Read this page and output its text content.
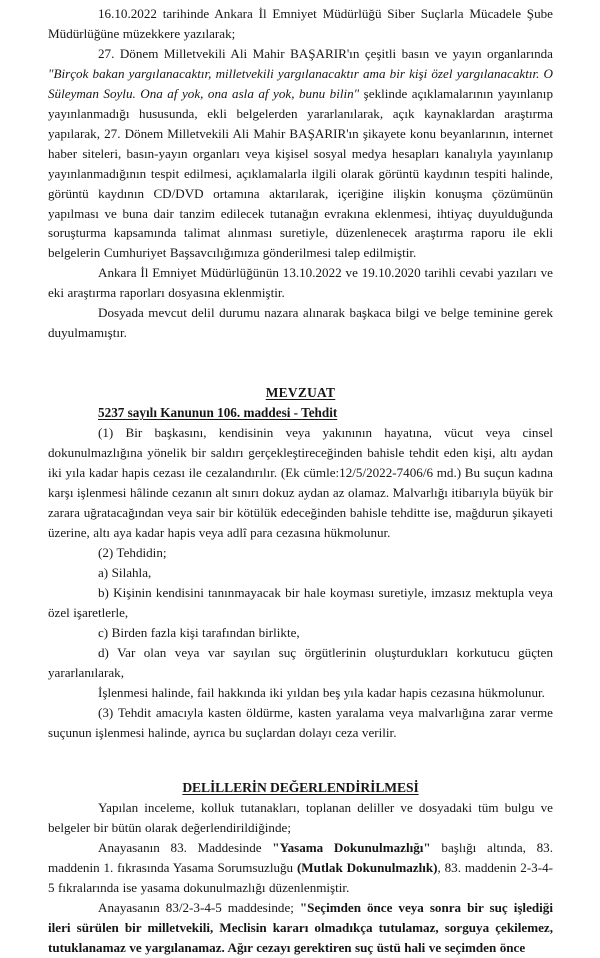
16.10.2022 tarihinde Ankara İl Emniyet Müdürlüğü Siber Suçlarla Mücadele Şube Müdürlüğüne müzekkere yazılarak;

27. Dönem Milletvekili Ali Mahir BAŞARIR'ın çeşitli basın ve yayın organlarında "Birçok bakan yargılanacaktır, milletvekili yargılanacaktır ama bir kişi özel yargılanacaktır. O Süleyman Soylu. Ona af yok, ona asla af yok, bunu bilin" şeklinde açıklamalarının yayınlanıp yayınlanmadığı hususunda, ekli belgelerden yararlanılarak, açık kaynaklardan araştırma yapılarak, 27. Dönem Milletvekili Ali Mahir BAŞARIR'ın şikayete konu beyanlarının, internet haber siteleri, basın-yayın organları veya kişisel sosyal medya hesapları kanalıyla yayınlanıp yayınlanmadığının tespit edilmesi, açıklamalarla ilgili olarak görüntü kaydının tespiti halinde, görüntü kaydının CD/DVD ortamına aktarılarak, içeriğine ilişkin konuşma çözümünün yapılması ve buna dair tanzim edilecek tutanağın evrakına eklenmesi, ihtiyaç duyulduğunda soruşturma kapsamında talimat alınması suretiyle, düzenlenecek araştırma raporu ile ekli belgelerin Cumhuriyet Başsavcılığımıza gönderilmesi talep edilmiştir.

Ankara İl Emniyet Müdürlüğünün 13.10.2022 ve 19.10.2020 tarihli cevabi yazıları ve eki araştırma raporları dosyasına eklenmiştir.

Dosyada mevcut delil durumu nazara alınarak başkaca bilgi ve belge teminine gerek duyulmamıştır.

MEVZUAT
5237 sayılı Kanunun 106. maddesi - Tehdit

(1) Bir başkasını, kendisinin veya yakınının hayatına, vücut veya cinsel dokunulmazlığına yönelik bir saldırı gerçekleştireceğinden bahisle tehdit eden kişi, altı aydan iki yıla kadar hapis cezası ile cezalandırılır. (Ek cümle:12/5/2022-7406/6 md.) Bu suçun kadına karşı işlenmesi hâlinde cezanın alt sınırı dokuz aydan az olamaz. Malvarlığı itibarıyla büyük bir zarara uğratacağından veya sair bir kötülük edeceğinden bahisle tehditte ise, mağdurun şikayeti üzerine, altı aya kadar hapis veya adlî para cezasına hükmolunur.

(2) Tehdidin;

a) Silahla,

b) Kişinin kendisini tanınmayacak bir hale koyması suretiyle, imzasız mektupla veya özel işaretlerle,

c) Birden fazla kişi tarafından birlikte,

d) Var olan veya var sayılan suç örgütlerinin oluşturdukları korkutucu güçten yararlanılarak,

İşlenmesi halinde, fail hakkında iki yıldan beş yıla kadar hapis cezasına hükmolunur.

(3) Tehdit amacıyla kasten öldürme, kasten yaralama veya malvarlığına zarar verme suçunun işlenmesi halinde, ayrıca bu suçlardan dolayı ceza verilir.

DELİLLERİN DEĞERLENDİRİLMESİ

Yapılan inceleme, kolluk tutanakları, toplanan deliller ve dosyadaki tüm bulgu ve belgeler bir bütün olarak değerlendirildiğinde;

Anayasanın 83. Maddesinde "Yasama Dokunulmazlığı" başlığı altında, 83. maddenin 1. fıkrasında Yasama Sorumsuzluğu (Mutlak Dokunulmazlık), 83. maddenin 2-3-4-5 fıkralarında ise yasama dokunulmazlığı düzenlenmiştir.

Anayasanın 83/2-3-4-5 maddesinde; "Seçimden önce veya sonra bir suç işlediği ileri sürülen bir milletvekili, Meclisin kararı olmadıkça tutulamaz, sorguya çekilemez, tutuklanamaz ve yargılanamaz. Ağır cezayı gerektiren suç üstü hali ve seçimden önce
